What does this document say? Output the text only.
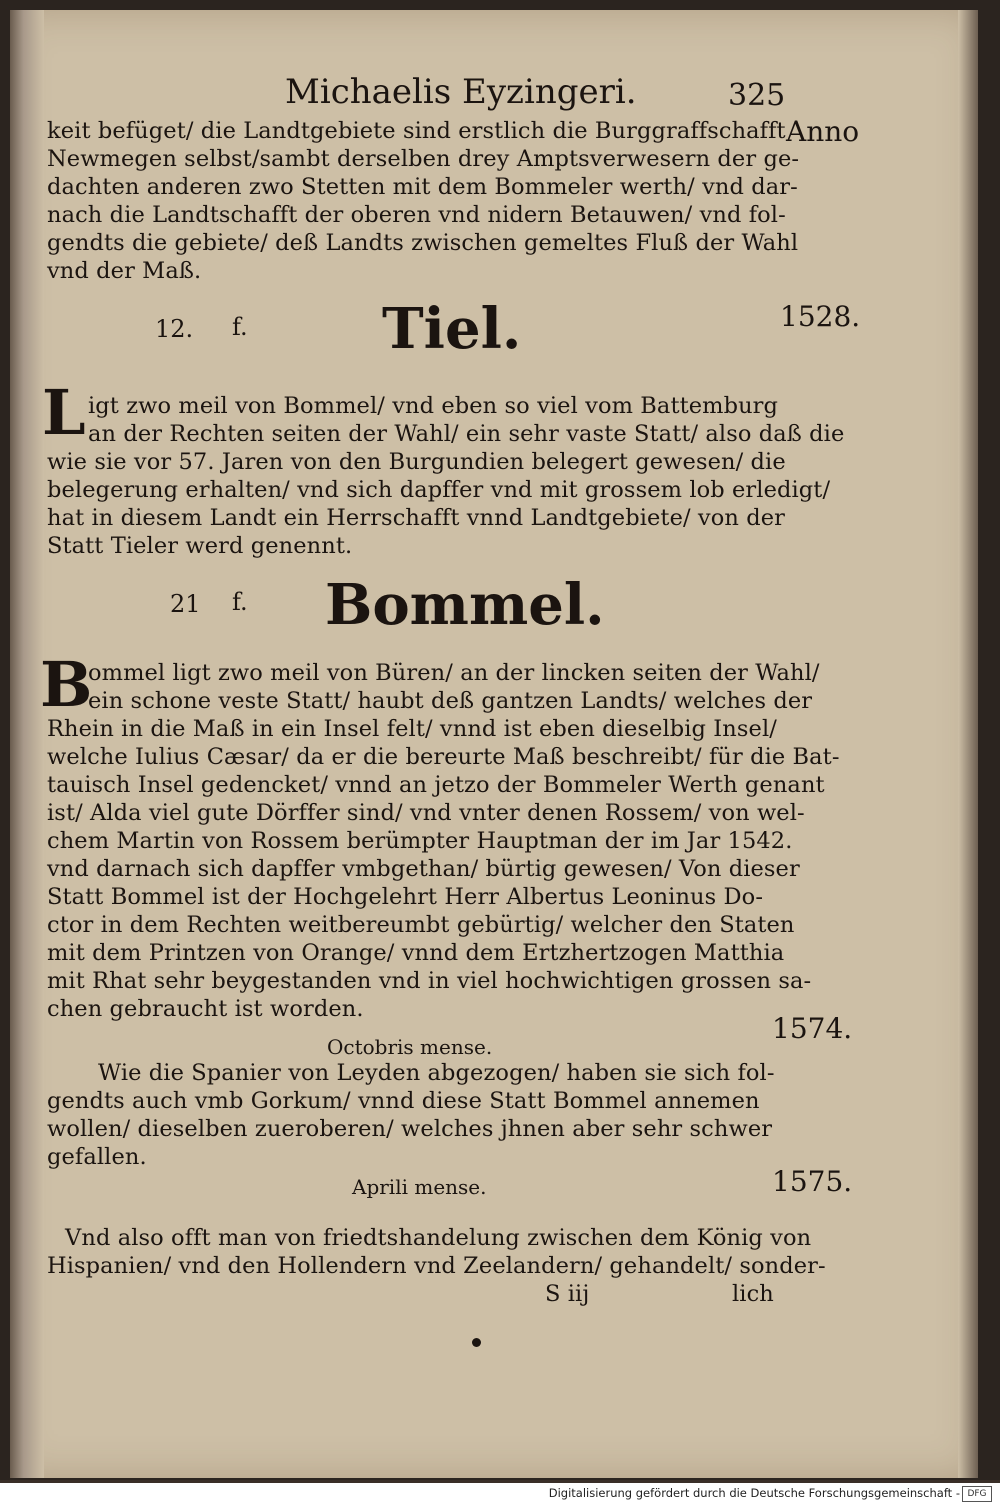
Michaelis Eyzingeri.	325
Anno
keit befüget/ die Landtgebiete sind erstlich die Burggraffschafft
Newmegen selbst/sambt derselben drey Amptsverwesern der ge-
dachten anderen zwo Stetten mit dem Bommeler werth/ vnd dar-
nach die Landtschafft der oberen vnd nidern Betauwen/ vnd fol-
gendts die gebiete/ deß Landts zwischen gemeltes Fluß der Wahl
vnd der Maß.
12. f. Tiel.	1528.
L igt zwo meil von Bommel/ vnd eben so viel vom Battemburg
an der Rechten seiten der Wahl/ ein sehr vaste Statt/ also daß die
wie sie vor 57. Jaren von den Burgundien belegert gewesen/ die
belegerung erhalten/ vnd sich dapffer vnd mit grossem lob erledigt/
hat in diesem Landt ein Herrschafft vnnd Landtgebiete/ von der
Statt Tieler werd genennt.
21 f. Bommel.
B
ommel ligt zwo meil von Büren/ an der lincken seiten der Wahl/
ein schone veste Statt/ haubt deß gantzen Landts/ welches der
Rhein in die Maß in ein Insel felt/ vnnd ist eben dieselbig Insel/
welche Iulius Cæsar/ da er die bereurte Maß beschreibt/ für die Bat-
tauisch Insel gedencket/ vnnd an jetzo der Bommeler Werth genant
ist/ Alda viel gute Dörffer sind/ vnd vnter denen Rossem/ von wel-
chem Martin von Rossem berümpter Hauptman der im Jar 1542.
vnd darnach sich dapffer vmbgethan/ bürtig gewesen/ Von dieser
Statt Bommel ist der Hochgelehrt Herr Albertus Leoninus Do-
ctor in dem Rechten weitbereumbt gebürtig/ welcher den Staten
mit dem Printzen von Orange/ vnnd dem Ertzhertzogen Matthia
mit Rhat sehr beygestanden vnd in viel hochwichtigen grossen sa-
chen gebraucht ist worden.
Octobris mense.
1574.
Wie die Spanier von Leyden abgezogen/ haben sie sich fol-
gendts auch vmb Gorkum/ vnnd diese Statt Bommel annemen
wollen/ dieselben zueroberen/ welches jhnen aber sehr schwer
gefallen.
Aprili mense.	1575.
Vnd also offt man von friedtshandelung zwischen dem König von
Hispanien/ vnd den Hollendern vnd Zeelandern/ gehandelt/ sonder-
S iij	lich
Digitalisierung gefördert durch die Deutsche Forschungsgemeinschaft - DFG
